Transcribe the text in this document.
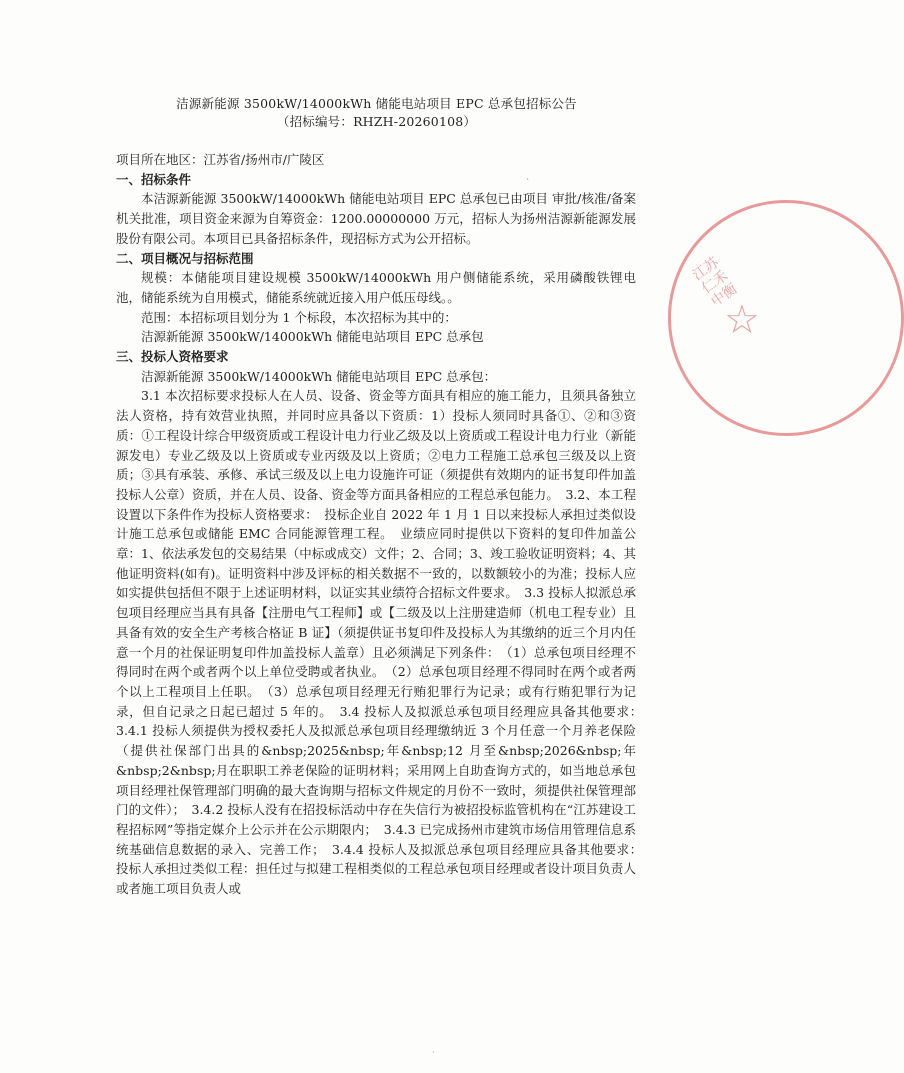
洁源新能源 3500kW/14000kWh 储能电站项目 EPC 总承包招标公告
（招标编号：RHZH-20260108）
ˋ

项目所在地区：江苏省/扬州市/广陵区

一、招标条件

本洁源新能源 3500kW/14000kWh 储能电站项目 EPC 总承包已由项目 审批/核准/备案机关批准，项目资金来源为自筹资金：1200.00000000 万元，招标人为扬州洁源新能源发展股份有限公司。本项目已具备招标条件，现招标方式为公开招标。

二、项目概况与招标范围

规模：本储能项目建设规模 3500kW/14000kWh 用户侧储能系统，采用磷酸铁锂电池，储能系统为自用模式，储能系统就近接入用户低压母线。。

范围：本招标项目划分为 1 个标段，本次招标为其中的：

洁源新能源 3500kW/14000kWh 储能电站项目 EPC 总承包

三、投标人资格要求

洁源新能源 3500kW/14000kWh 储能电站项目 EPC 总承包：

3.1 本次招标要求投标人在人员、设备、资金等方面具有相应的施工能力，且须具备独立法人资格，持有效营业执照，并同时应具备以下资质：1）投标人须同时具备①、②和③资质：①工程设计综合甲级资质或工程设计电力行业乙级及以上资质或工程设计电力行业（新能源发电）专业乙级及以上资质或专业丙级及以上资质；②电力工程施工总承包三级及以上资质；③具有承装、承修、承试三级及以上电力设施许可证（须提供有效期内的证书复印件加盖投标人公章）资质，并在人员、设备、资金等方面具备相应的工程总承包能力。　3.2、本工程设置以下条件作为投标人资格要求：　投标企业自 2022 年 1 月 1 日以来投标人承担过类似设计施工总承包或储能 EMC 合同能源管理工程。　业绩应同时提供以下资料的复印件加盖公章：1、依法承发包的交易结果（中标或成交）文件；2、合同；3、竣工验收证明资料；4、其他证明资料(如有)。证明资料中涉及评标的相关数据不一致的，以数额较小的为准；投标人应如实提供包括但不限于上述证明材料，以证实其业绩符合招标文件要求。　3.3 投标人拟派总承包项目经理应当具有具备【注册电气工程师】或【二级及以上注册建造师（机电工程专业）且具备有效的安全生产考核合格证 B 证】（须提供证书复印件及投标人为其缴纳的近三个月内任意一个月的社保证明复印件加盖投标人盖章）且必须满足下列条件：　（1）总承包项目经理不得同时在两个或者两个以上单位受聘或者执业。　（2）总承包项目经理不得同时在两个或者两个以上工程项目上任职。　（3）总承包项目经理无行贿犯罪行为记录；或有行贿犯罪行为记录，但自记录之日起已超过 5 年的。　3.4 投标人及拟派总承包项目经理应具备其他要求：　3.4.1 投标人须提供为授权委托人及拟派总承包项目经理缴纳近 3 个月任意一个月养老保险（提供社保部门出具的&nbsp;2025&nbsp;年&nbsp;12 月至&nbsp;2026&nbsp;年&nbsp;2&nbsp;月在职职工养老保险的证明材料；采用网上自助查询方式的，如当地总承包项目经理社保管理部门明确的最大查询期与招标文件规定的月份不一致时，须提供社保管理部门的文件）；　3.4.2 投标人没有在招投标活动中存在失信行为被招投标监管机构在“江苏建设工程招标网”等指定媒介上公示并在公示期限内；　3.4.3 已完成扬州市建筑市场信用管理信息系统基础信息数据的录入、完善工作；　3.4.4 投标人及拟派总承包项目经理应具备其他要求：　投标人承担过类似工程：担任过与拟建工程相类似的工程总承包项目经理或者设计项目负责人或者施工项目负责人或

江苏仁禾中衡
☆
·
